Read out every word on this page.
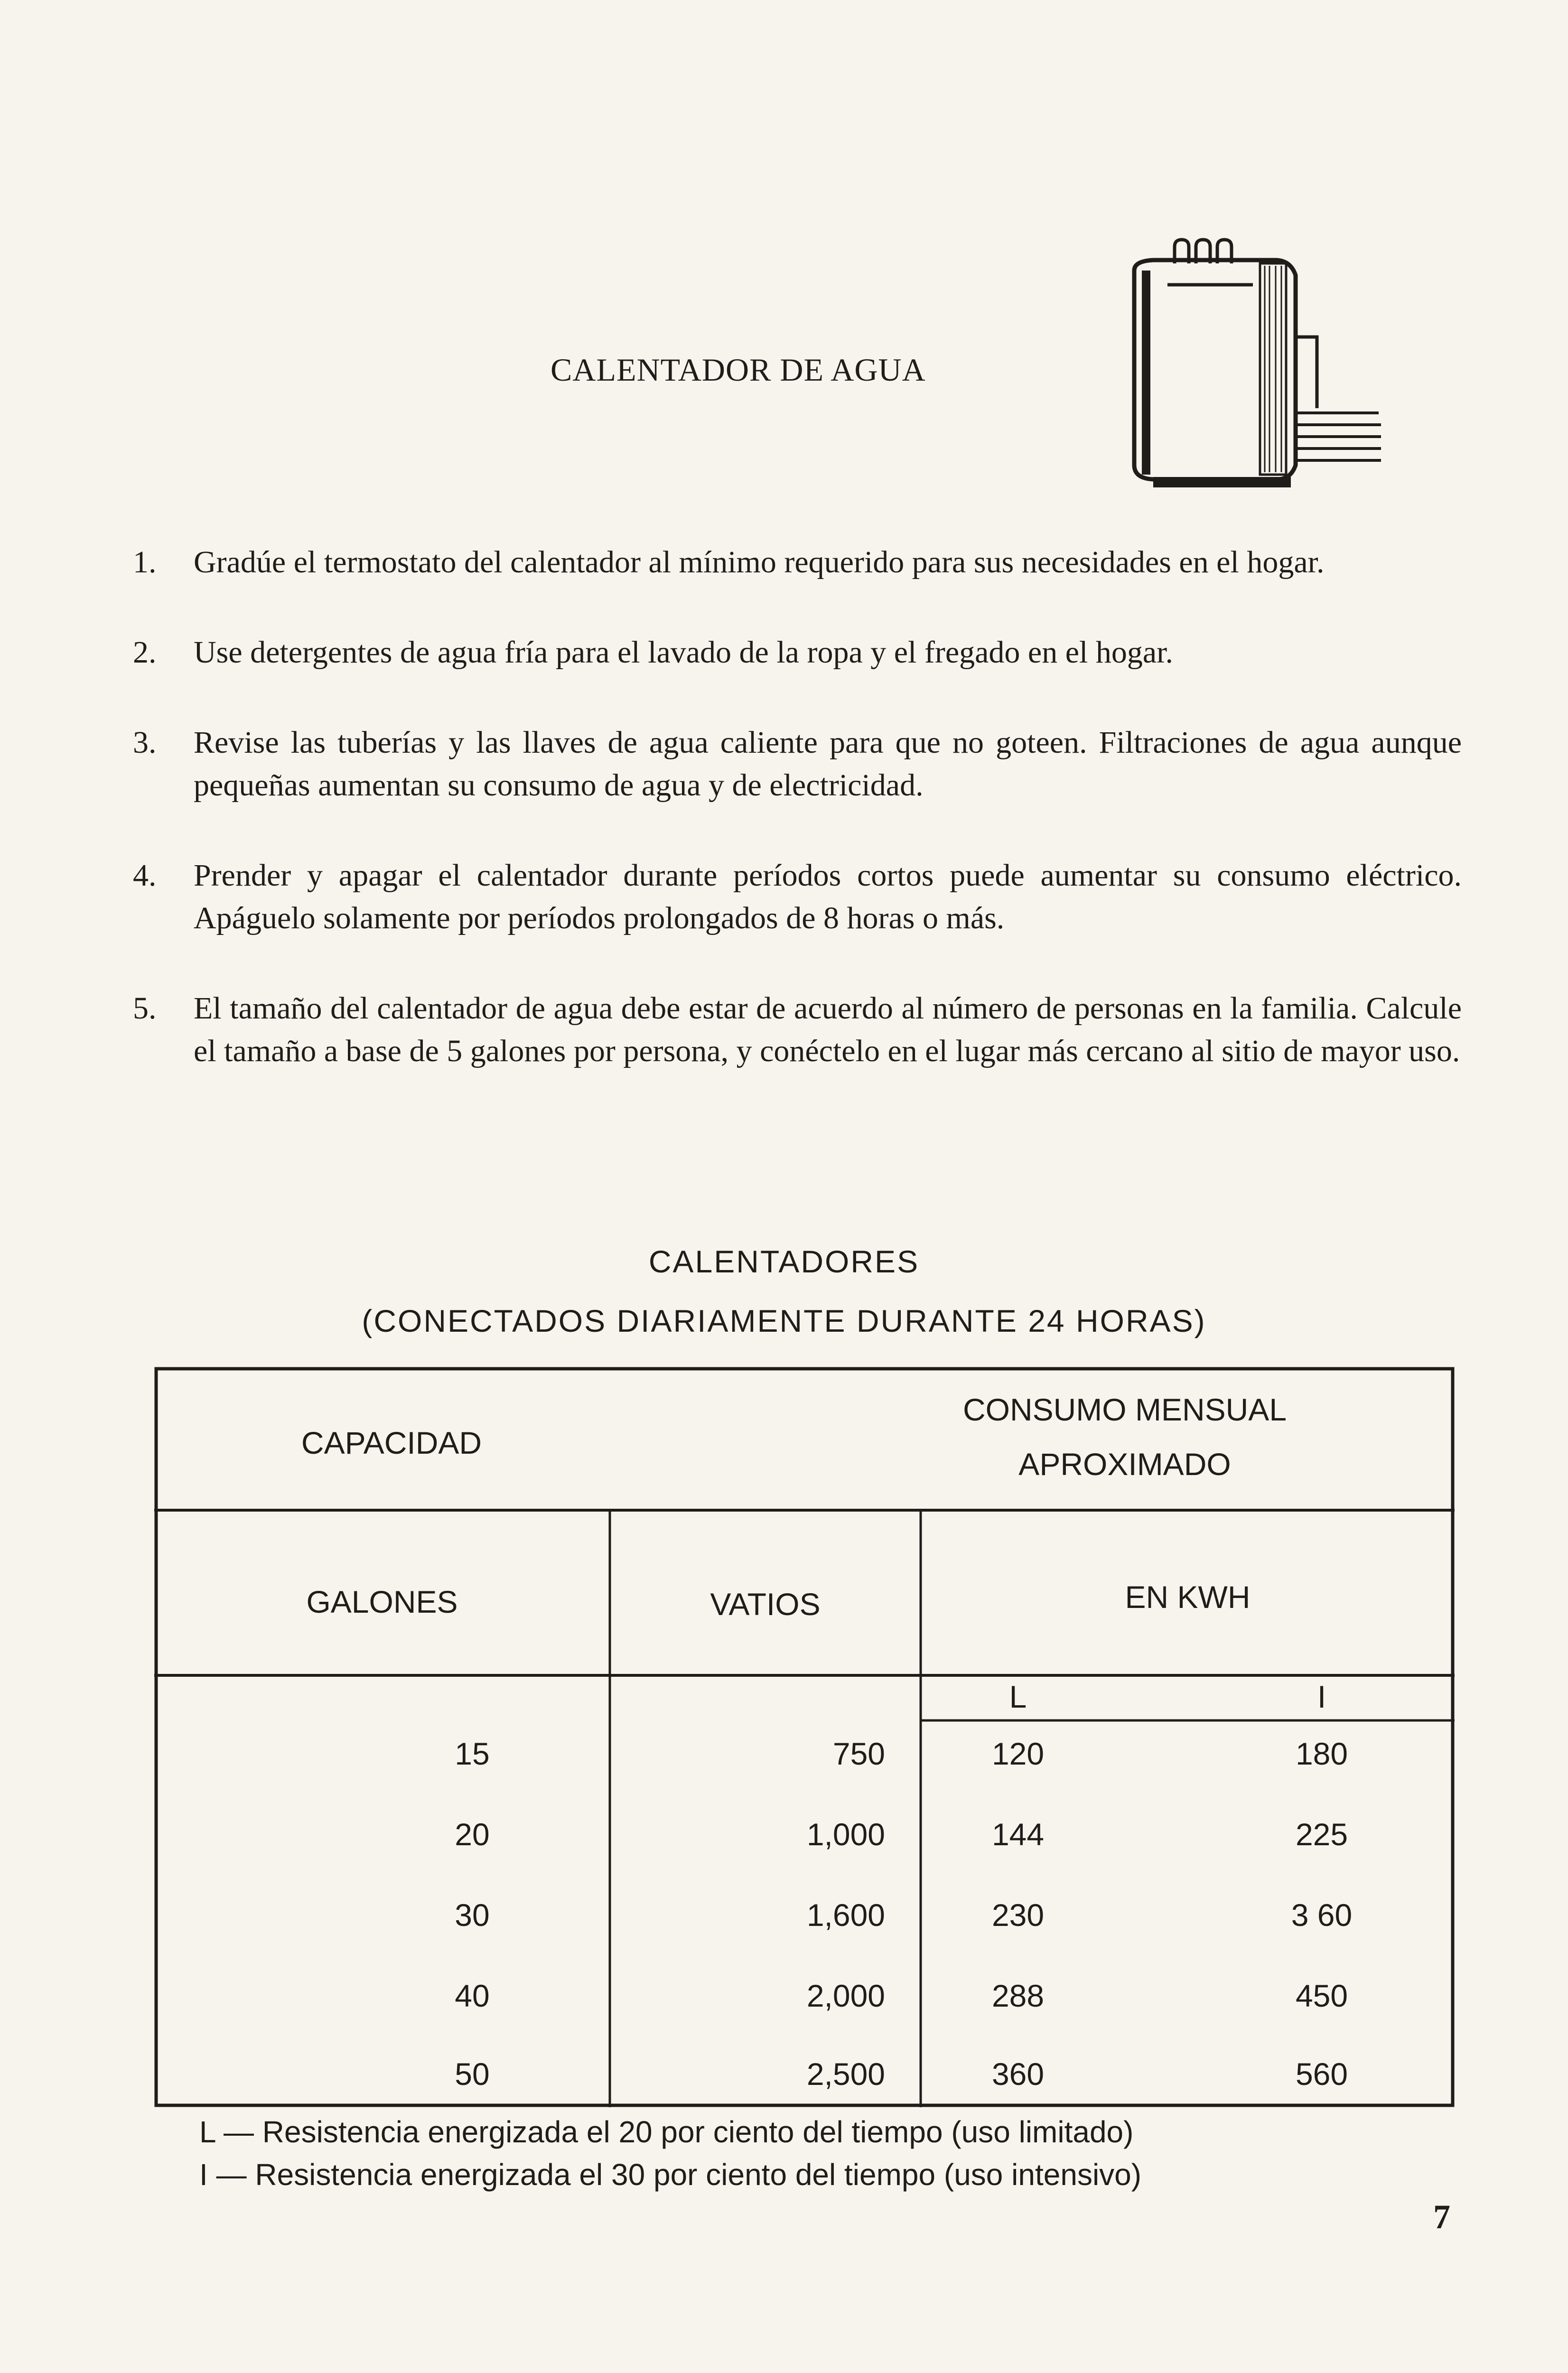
CALENTADOR DE AGUA
1. Gradúe el termostato del calentador al mínimo requerido para sus necesidades en el hogar.
2. Use detergentes de agua fría para el lavado de la ropa y el fregado en el hogar.
3. Revise las tuberías y las llaves de agua caliente para que no goteen. Filtraciones de agua aunque pequeñas aumentan su consumo de agua y de electricidad.
4. Prender y apagar el calentador durante períodos cortos puede aumentar su consumo eléctrico. Apáguelo solamente por períodos prolongados de 8 horas o más.
5. El tamaño del calentador de agua debe estar de acuerdo al número de personas en la familia. Calcule el tamaño a base de 5 galones por persona, y conéctelo en el lugar más cercano al sitio de mayor uso.
CALENTADORES
(CONECTADOS DIARIAMENTE DURANTE 24 HORAS)
CAPACIDAD
CONSUMO MENSUAL
APROXIMADO
GALONES	VATIOS	EN KWH
L	I
15	750	120	180
20	1,000	144	225
30	1,600	230	3 60
40	2,000	288	450
50	2,500	360	560
L — Resistencia energizada el 20 por ciento del tiempo (uso limitado)
I — Resistencia energizada el 30 por ciento del tiempo (uso intensivo)
7
